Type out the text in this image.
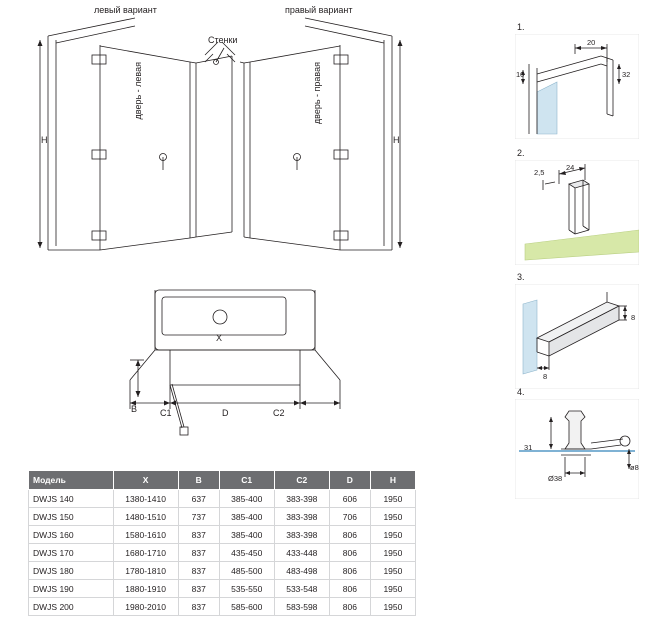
левый вариант	правый вариант
Стенки
дверь - левая	дверь - правая
H	H
X
B	C1	D	C2
1.
20
10	32
2.
24
2,5
3.
8
8
4.
31
Ø38
ø8
Модель	X	B	C1	C2	D	H
DWJS 140	1380-1410	637	385-400	383-398	606	1950
DWJS 150	1480-1510	737	385-400	383-398	706	1950
DWJS 160	1580-1610	837	385-400	383-398	806	1950
DWJS 170	1680-1710	837	435-450	433-448	806	1950
DWJS 180	1780-1810	837	485-500	483-498	806	1950
DWJS 190	1880-1910	837	535-550	533-548	806	1950
DWJS 200	1980-2010	837	585-600	583-598	806	1950
